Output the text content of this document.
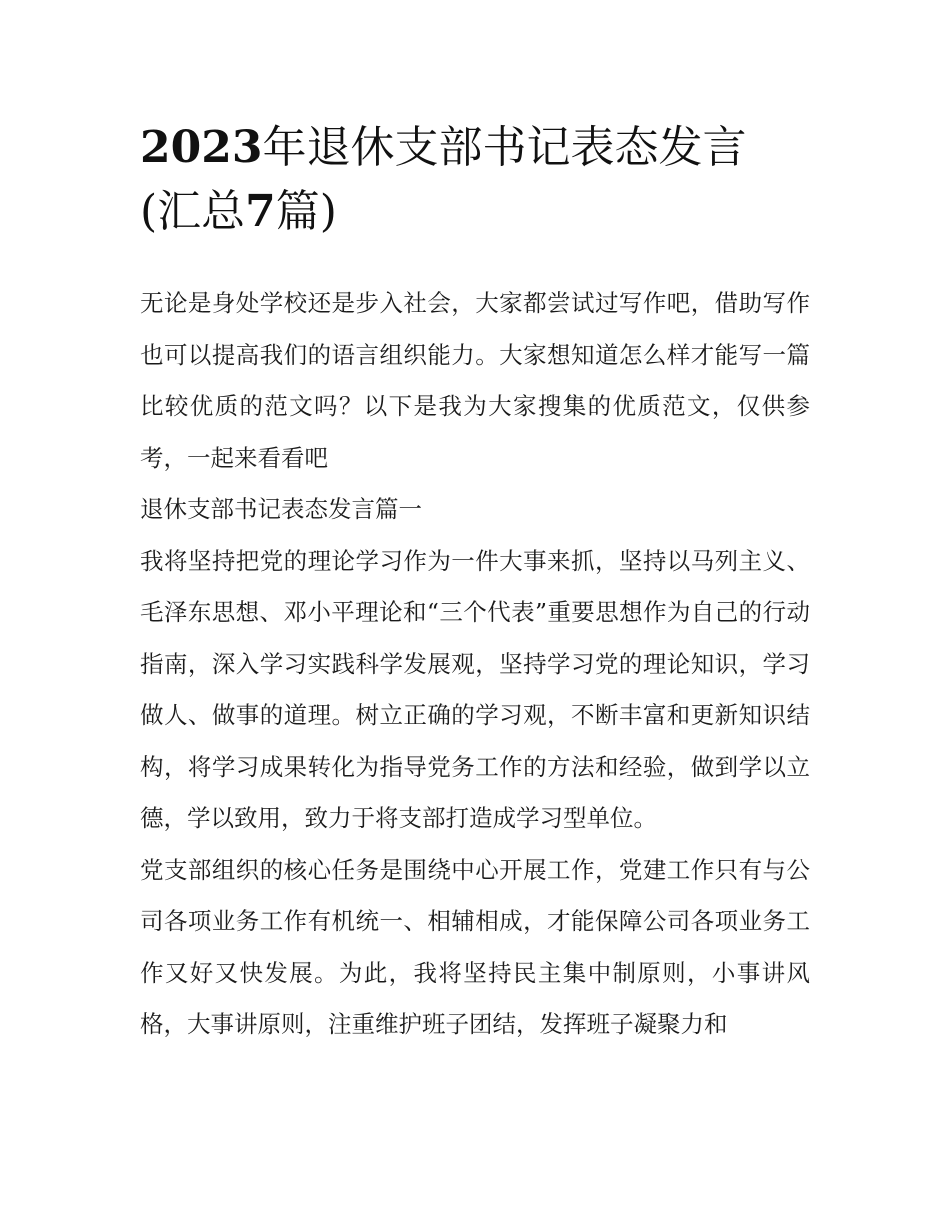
2023年退休支部书记表态发言
(汇总7篇)

无论是身处学校还是步入社会，大家都尝试过写作吧，借助写作也可以提高我们的语言组织能力。大家想知道怎么样才能写一篇比较优质的范文吗？以下是我为大家搜集的优质范文，仅供参考，一起来看看吧

退休支部书记表态发言篇一

我将坚持把党的理论学习作为一件大事来抓，坚持以马列主义、毛泽东思想、邓小平理论和“三个代表”重要思想作为自己的行动指南，深入学习实践科学发展观，坚持学习党的理论知识，学习做人、做事的道理。树立正确的学习观，不断丰富和更新知识结构，将学习成果转化为指导党务工作的方法和经验，做到学以立德，学以致用，致力于将支部打造成学习型单位。

党支部组织的核心任务是围绕中心开展工作，党建工作只有与公司各项业务工作有机统一、相辅相成，才能保障公司各项业务工作又好又快发展。为此，我将坚持民主集中制原则，小事讲风格，大事讲原则，注重维护班子团结，发挥班子凝聚力和
